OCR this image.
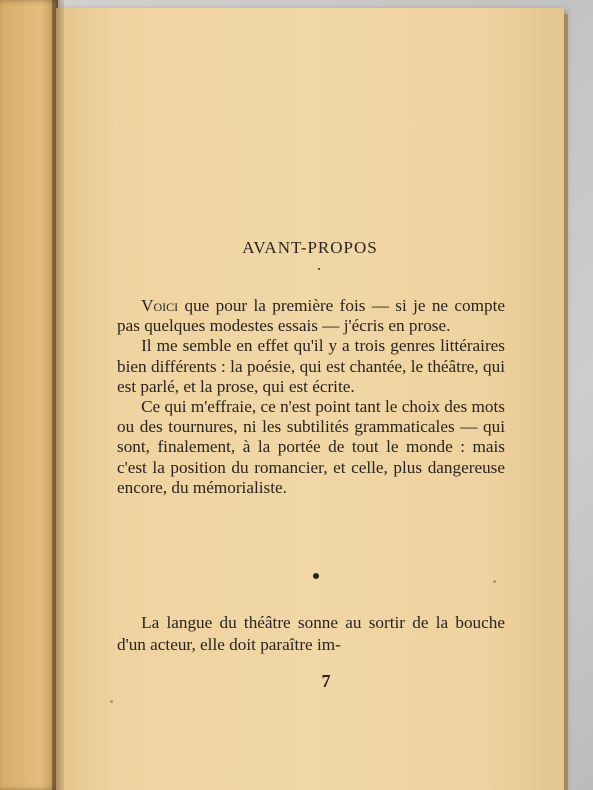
AVANT-PROPOS

Voici que pour la première fois — si je ne compte pas quelques modestes essais — j'écris en prose.

Il me semble en effet qu'il y a trois genres littéraires bien différents : la poésie, qui est chantée, le théâtre, qui est parlé, et la prose, qui est écrite.

Ce qui m'effraie, ce n'est point tant le choix des mots ou des tournures, ni les subtilités grammaticales — qui sont, finalement, à la portée de tout le monde : mais c'est la position du romancier, et celle, plus dangereuse encore, du mémorialiste.

La langue du théâtre sonne au sortir de la bouche d'un acteur, elle doit paraître im-

7
